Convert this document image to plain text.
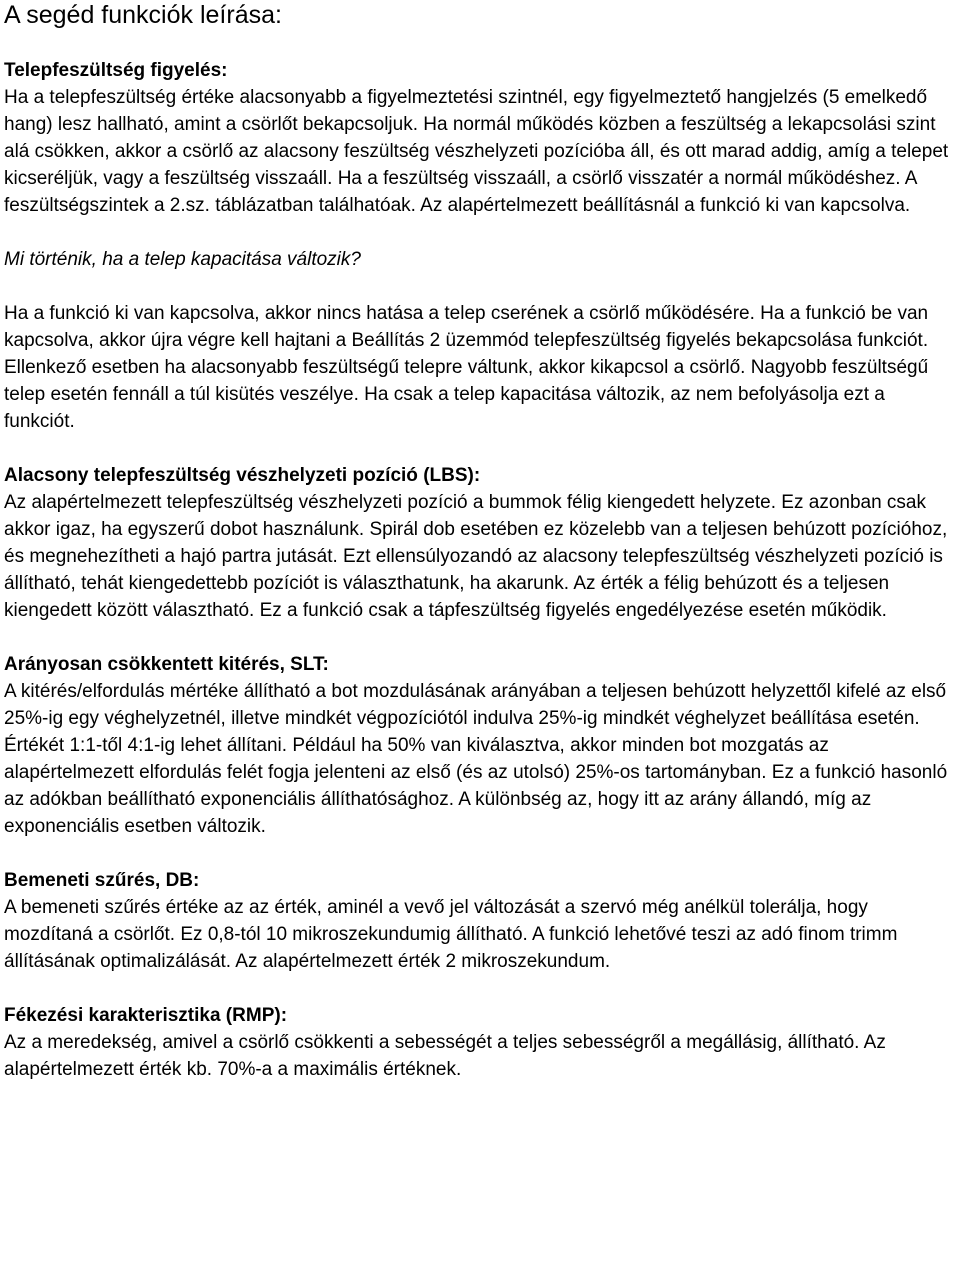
A segéd funkciók leírása:

Telepfeszültség figyelés:
Ha a telepfeszültség értéke alacsonyabb a figyelmeztetési szintnél, egy figyelmeztető hangjelzés (5 emelkedő hang) lesz hallható, amint a csörlőt bekapcsoljuk. Ha normál működés közben a feszültség a lekapcsolási szint alá csökken, akkor a csörlő az alacsony feszültség vészhelyzeti pozícióba áll, és ott marad addig, amíg a telepet kicseréljük, vagy a feszültség visszaáll. Ha a feszültség visszaáll, a csörlő visszatér a normál működéshez. A feszültségszintek a 2.sz. táblázatban találhatóak. Az alapértelmezett beállításnál a funkció ki van kapcsolva.

Mi történik, ha a telep kapacitása változik?

Ha a funkció ki van kapcsolva, akkor nincs hatása a telep cserének a csörlő működésére. Ha a funkció be van kapcsolva, akkor újra végre kell hajtani a Beállítás 2 üzemmód telepfeszültség figyelés bekapcsolása funkciót. Ellenkező esetben ha alacsonyabb feszültségű telepre váltunk, akkor kikapcsol a csörlő. Nagyobb feszültségű telep esetén fennáll a túl kisütés veszélye. Ha csak a telep kapacitása változik, az nem befolyásolja ezt a funkciót.

Alacsony telepfeszültség vészhelyzeti pozíció (LBS):
Az alapértelmezett telepfeszültség vészhelyzeti pozíció a bummok félig kiengedett helyzete. Ez azonban csak akkor igaz, ha egyszerű dobot használunk. Spirál dob esetében ez közelebb van a teljesen behúzott pozícióhoz, és megnehezítheti a hajó partra jutását. Ezt ellensúlyozandó az alacsony telepfeszültség vészhelyzeti pozíció is állítható, tehát kiengedettebb pozíciót is választhatunk, ha akarunk. Az érték a félig behúzott és a teljesen kiengedett között választható. Ez a funkció csak a tápfeszültség figyelés engedélyezése esetén működik.

Arányosan csökkentett kitérés, SLT:
A kitérés/elfordulás mértéke állítható a bot mozdulásának arányában a teljesen behúzott helyzettől kifelé az első 25%-ig egy véghelyzetnél, illetve mindkét végpozíciótól indulva 25%-ig mindkét véghelyzet beállítása esetén. Értékét 1:1-től 4:1-ig lehet állítani. Például ha 50% van kiválasztva, akkor minden bot mozgatás az alapértelmezett elfordulás felét fogja jelenteni az első (és az utolsó) 25%-os tartományban. Ez a funkció hasonló az adókban beállítható exponenciális állíthatósághoz. A különbség az, hogy itt az arány állandó, míg az exponenciális esetben változik.

Bemeneti szűrés, DB:
A bemeneti szűrés értéke az az érték, aminél a vevő jel változását a szervó még anélkül tolerálja, hogy mozdítaná a csörlőt. Ez 0,8-tól 10 mikroszekundumig állítható. A funkció lehetővé teszi az adó finom trimm állításának optimalizálását. Az alapértelmezett érték 2 mikroszekundum.

Fékezési karakterisztika (RMP):
Az a meredekség, amivel a csörlő csökkenti a sebességét a teljes sebességről a megállásig, állítható. Az alapértelmezett érték kb. 70%-a a maximális értéknek.
